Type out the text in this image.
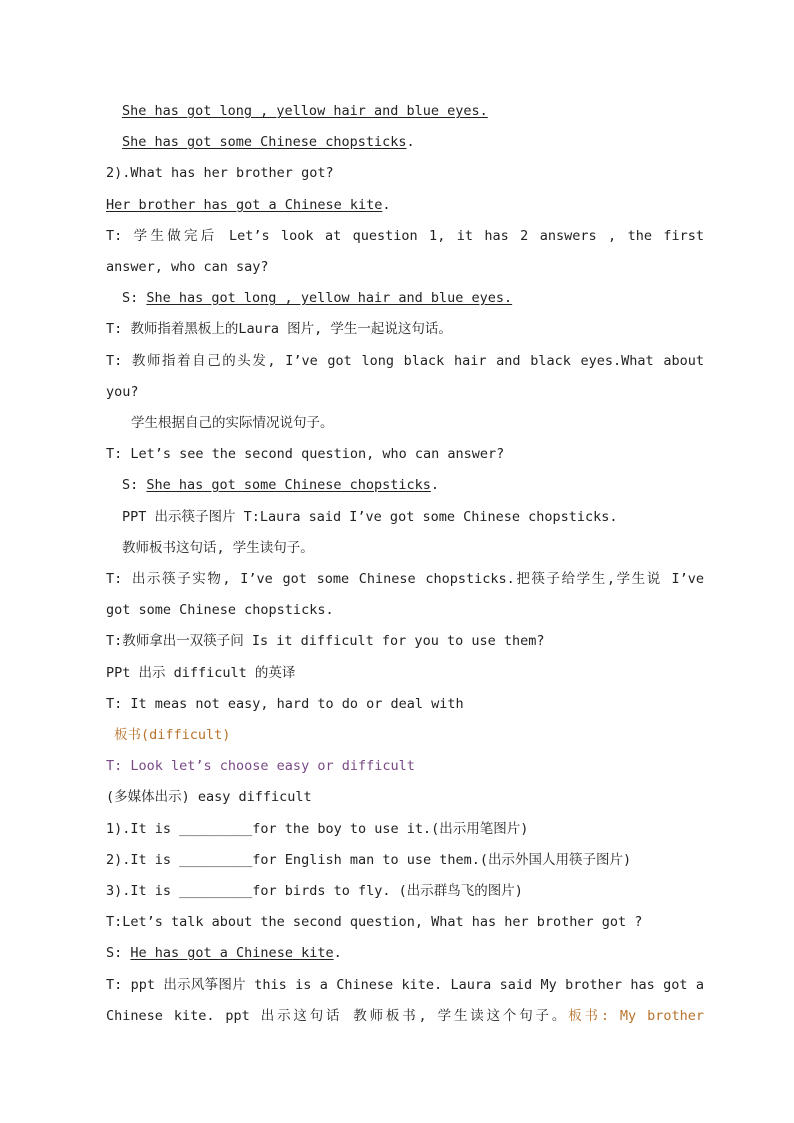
She has got long , yellow hair and blue eyes.
She has got some Chinese chopsticks.
2).What has her brother got?
Her brother has got a Chinese kite.
T: 学生做完后 Let’s look at question 1, it has 2 answers , the first
answer, who can say?
S: She has got long , yellow hair and blue eyes.
T: 教师指着黑板上的Laura 图片, 学生一起说这句话。
T: 教师指着自己的头发, I’ve got long black hair and black eyes.What about
you?
学生根据自己的实际情况说句子。
T: Let’s see the second question, who can answer?
S: She has got some Chinese chopsticks.
PPT 出示筷子图片 T:Laura said I’ve got some Chinese chopsticks.
教师板书这句话, 学生读句子。
T: 出示筷子实物, I’ve got some Chinese chopsticks.把筷子给学生,学生说 I’ve
got some Chinese chopsticks.
T:教师拿出一双筷子问 Is it difficult for you to use them?
PPt 出示 difficult 的英译
T: It meas not easy, hard to do or deal with
板书(difficult)
T: Look let’s choose easy or difficult
(多媒体出示) easy difficult
1).It is _________for the boy to use it.(出示用笔图片)
2).It is _________for English man to use them.(出示外国人用筷子图片)
3).It is _________for birds to fly. (出示群鸟飞的图片)
T:Let’s talk about the second question, What has her brother got ?
S: He has got a Chinese kite.
T: ppt 出示风筝图片 this is a Chinese kite. Laura said My brother has got a
Chinese kite. ppt 出示这句话 教师板书, 学生读这个句子。板书: My brother
